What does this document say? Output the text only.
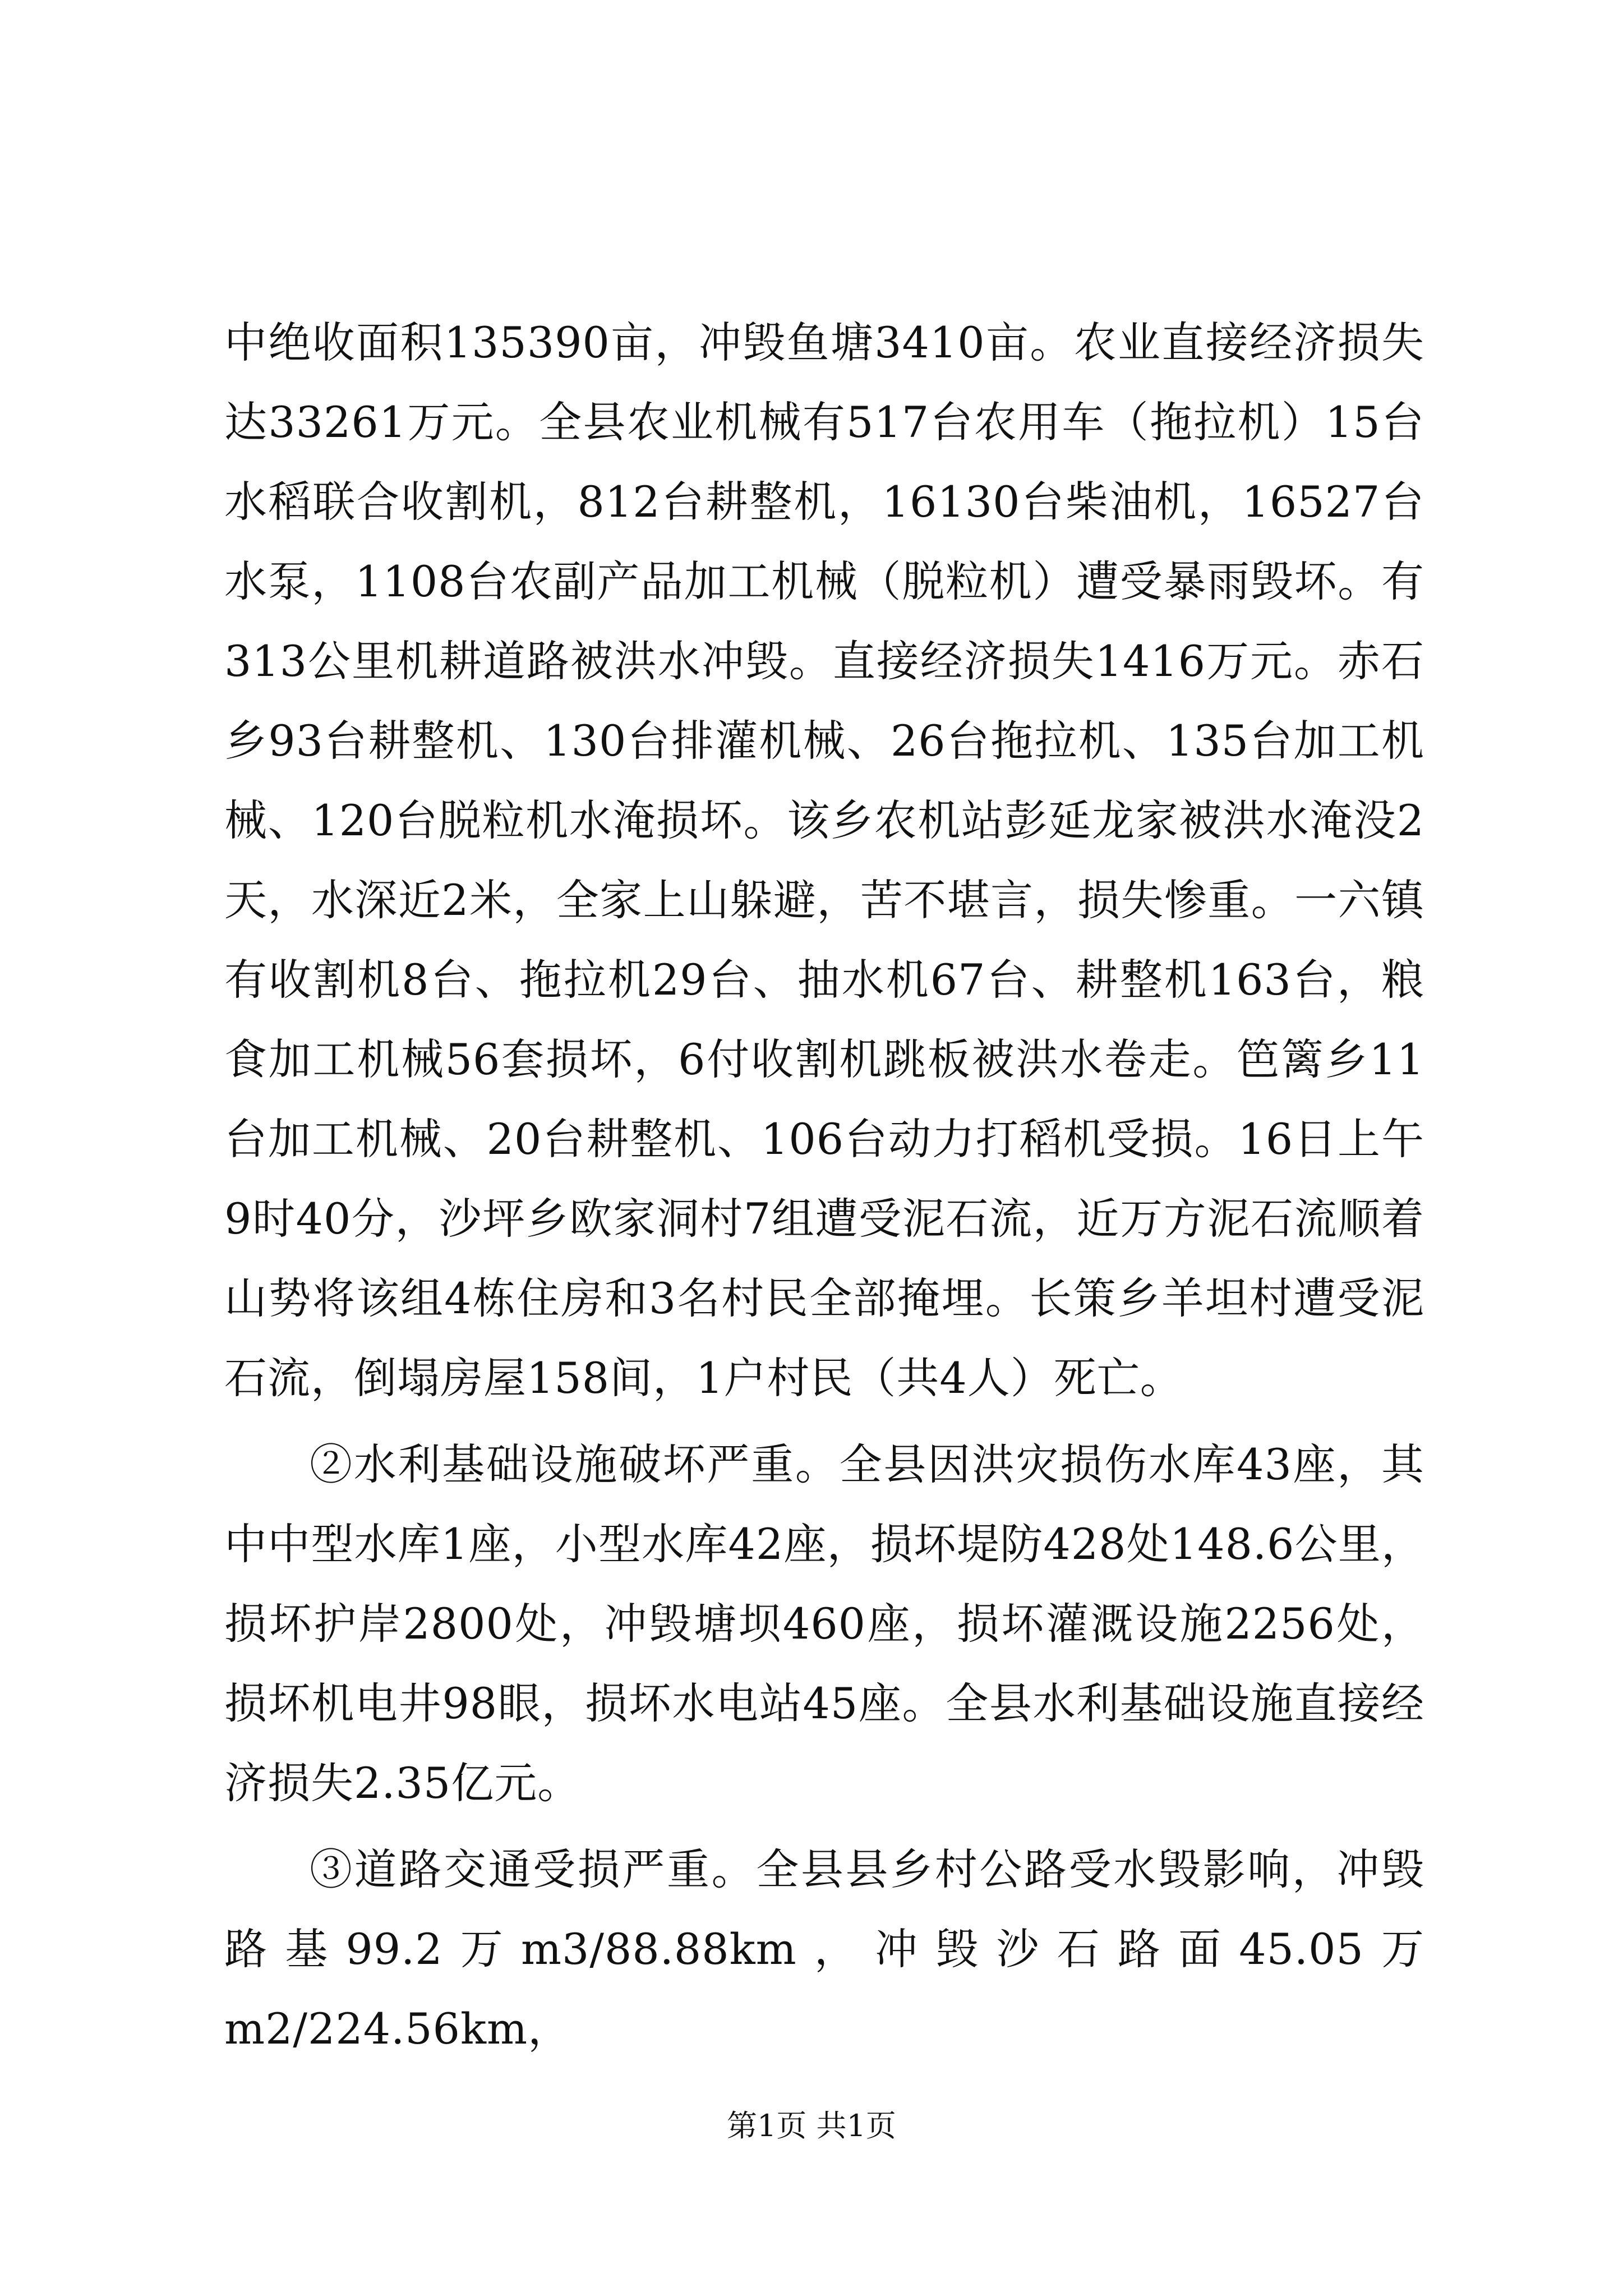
中绝收面积135390亩，冲毁鱼塘3410亩。农业直接经济损失达33261万元。全县农业机械有517台农用车（拖拉机）15台水稻联合收割机，812台耕整机，16130台柴油机，16527台水泵，1108台农副产品加工机械（脱粒机）遭受暴雨毁坏。有313公里机耕道路被洪水冲毁。直接经济损失1416万元。赤石乡93台耕整机、130台排灌机械、26台拖拉机、135台加工机械、120台脱粒机水淹损坏。该乡农机站彭延龙家被洪水淹没2天，水深近2米，全家上山躲避，苦不堪言，损失惨重。一六镇有收割机8台、拖拉机29台、抽水机67台、耕整机163台，粮食加工机械56套损坏，6付收割机跳板被洪水卷走。笆篱乡11台加工机械、20台耕整机、106台动力打稻机受损。16日上午9时40分，沙坪乡欧家洞村7组遭受泥石流，近万方泥石流顺着山势将该组4栋住房和3名村民全部掩埋。长策乡羊坦村遭受泥石流，倒塌房屋158间，1户村民（共4人）死亡。

②水利基础设施破坏严重。全县因洪灾损伤水库43座，其中中型水库1座，小型水库42座，损坏堤防428处148.6公里，损坏护岸2800处，冲毁塘坝460座，损坏灌溉设施2256处，损坏机电井98眼，损坏水电站45座。全县水利基础设施直接经济损失2.35亿元。

③道路交通受损严重。全县县乡村公路受水毁影响，冲毁路基99.2万m3/88.88km，冲毁沙石路面45.05万m2/224.56km，

第1页 共1页
